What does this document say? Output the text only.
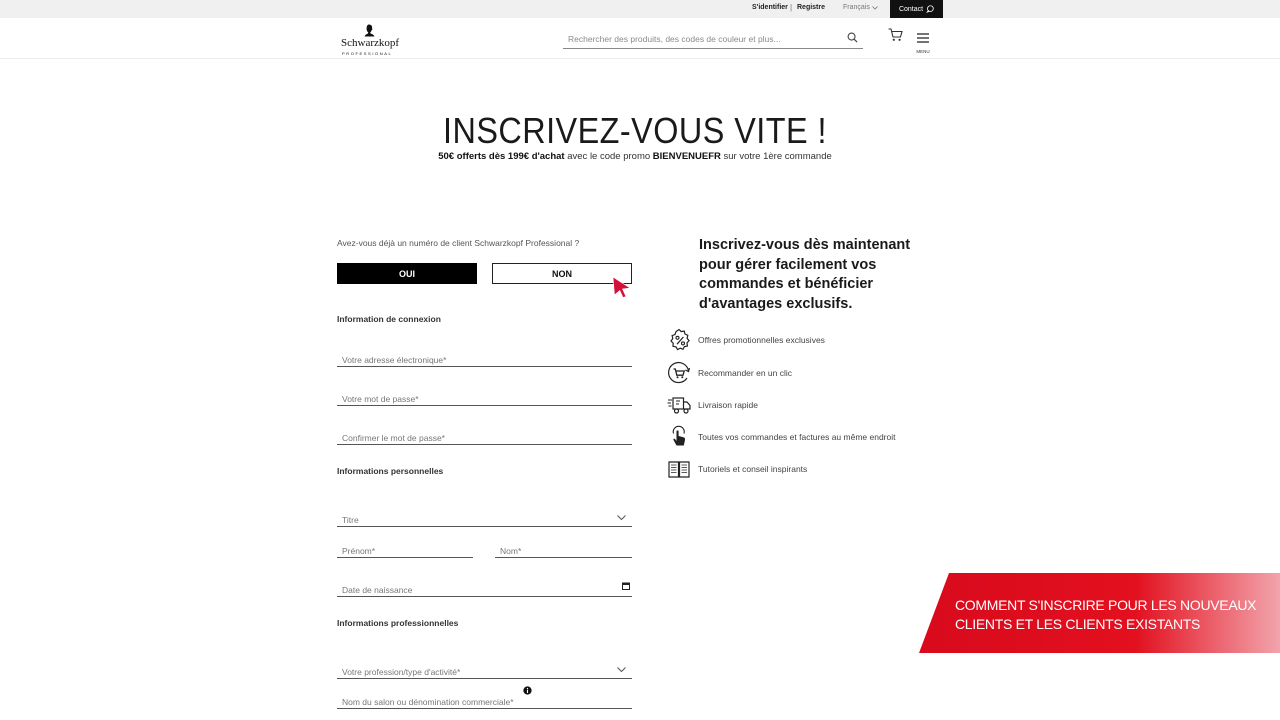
S'identifier | Registre	Français	Contact
Schwarzkopf
PROFESSIONAL
Rechercher des produits, des codes de couleur et plus...	MENU
INSCRIVEZ-VOUS VITE !
50€ offerts dès 199€ d'achat avec le code promo BIENVENUEFR sur votre 1ère commande
Avez-vous déjà un numéro de client Schwarzkopf Professional ?
OUI	NON
Information de connexion
Votre adresse électronique*
Informations personnelles
Titre
Prénom*
Nom*
Date de naissance
Informations professionnelles
Votre profession/type d'activité*
Nom du salon ou dénomination commerciale*
Inscrivez-vous dès maintenant pour gérer facilement vos commandes et bénéficier d'avantages exclusifs.
Offres promotionnelles exclusives
Recommander en un clic
Livraison rapide
Toutes vos commandes et factures au même endroit
Tutoriels et conseil inspirants
COMMENT S'INSCRIRE POUR LES NOUVEAUX CLIENTS ET LES CLIENTS EXISTANTS
